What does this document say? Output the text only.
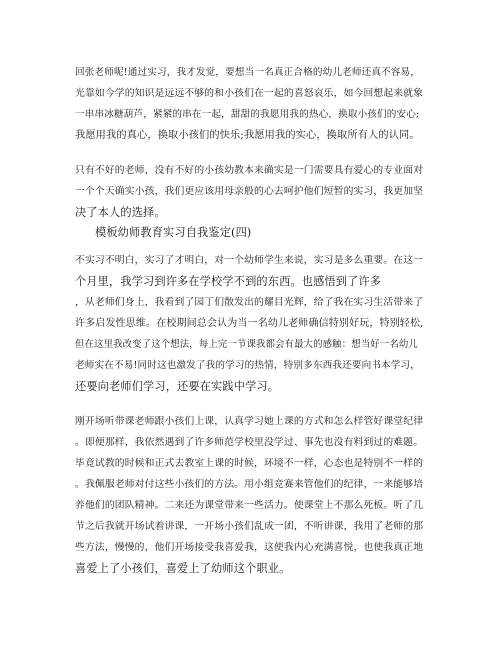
回张老师呢!通过实习，我才发觉，要想当一名真正合格的幼儿老师还真不容易，
光靠如今学的知识是远远不够的和小孩们在一起的喜怒哀乐，如今回想起来就象
一串串冰糖葫芦，紧紧的串在一起，甜甜的我愿用我的热心，换取小孩们的安心;
我愿用我的真心，换取小孩们的快乐;我愿用我的实心，换取所有人的认同。
只有不好的老师，没有不好的小孩幼教本来确实是一门需要具有爱心的专业面对
一个个天确实小孩，我们更应该用母亲般的心去呵护他们短暂的实习，我更加坚
决了本人的选择。
模板幼师教育实习自我鉴定(四)
不实习不明白，实习了才明白，对一个幼师学生来说，实习是多么重要。在这一
个月里，我学习到许多在学校学不到的东西。也感悟到了许多
，从老师们身上，我看到了园丁们散发出的耀目光辉，给了我在实习生活带来了
许多启发性思维。在校期间总会认为当一名幼儿老师确信特别好玩，特别轻松,
但在这里我改变了这个想法，每上完一节课我都会有最大的感触：想当好一名幼儿
老师实在不易!同时这也激发了我的学习的热情，特别多东西我还要向书本学习，
还要向老师们学习，还要在实践中学习。
刚开场听带课老师跟小孩们上课，认真学习她上课的方式和怎么样管好课堂纪律
。即便那样，我依然遇到了许多师范学校里没学过、事先也没有料到过的难题。
毕竟试教的时候和正式去教室上课的时候，环境不一样，心态也是特别不一样的
。我佩服老师对付这些小孩们的方法。用小组竞赛来管他们的纪律，一来能够培
养他们的团队精神。二来还为课堂带来一些活力。使课堂上不那么死板。听了几
节之后我就开场试着讲课，一开场小孩们乱成一团，不听讲课，我用了老师的那
些方法，慢慢的，他们开场接受我喜爱我，这使我内心充满喜悦，也使我真正地
喜爱上了小孩们，喜爱上了幼师这个职业。
